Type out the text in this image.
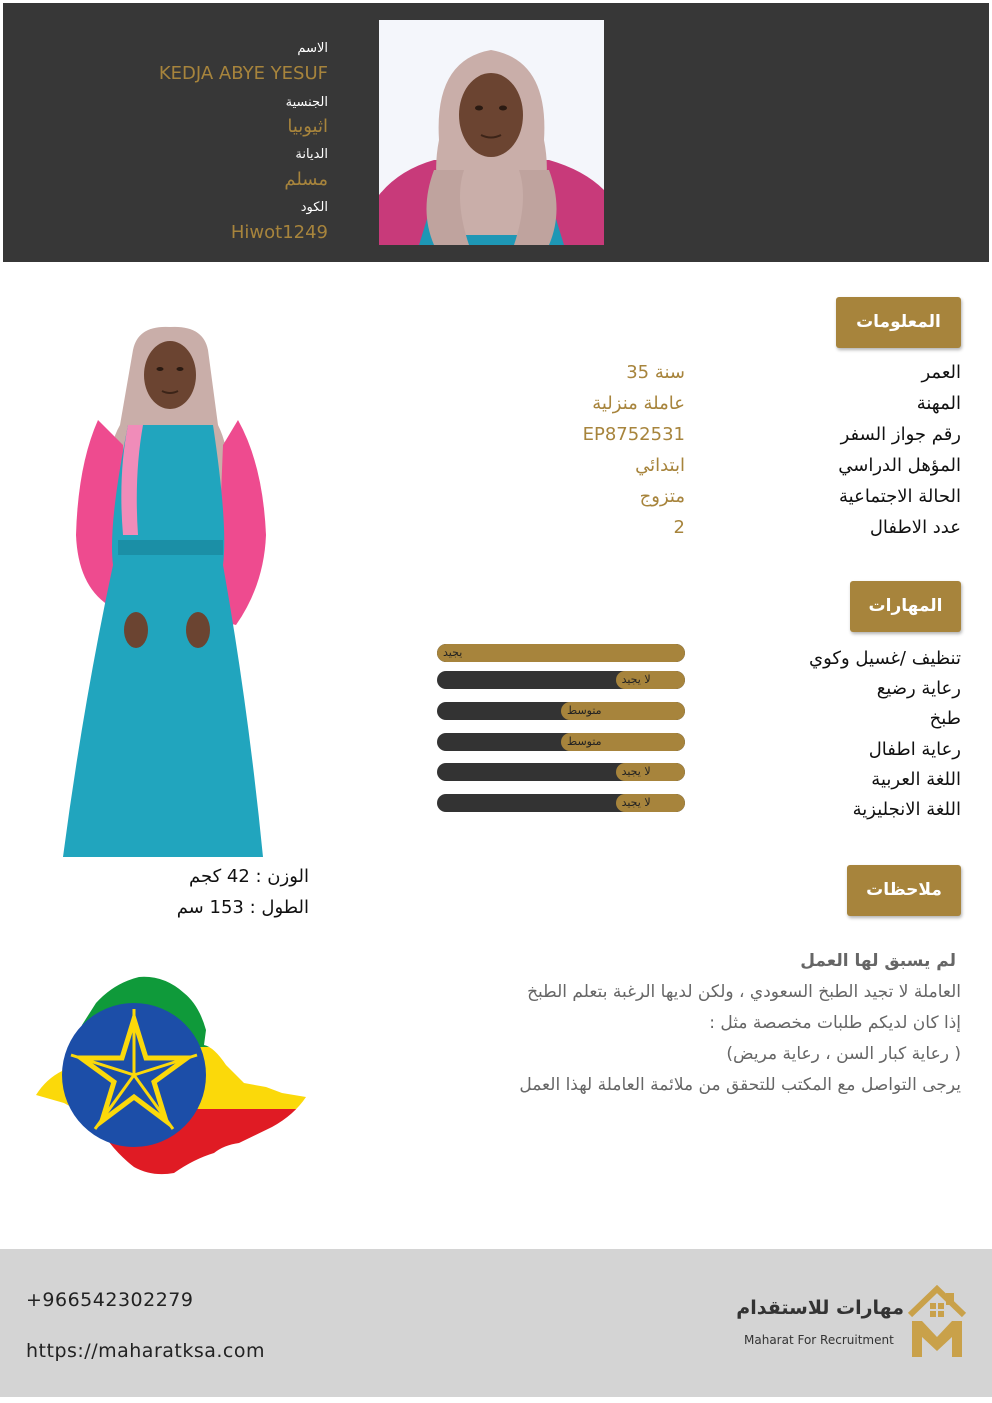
الاسم
KEDJA ABYE YESUF
الجنسية
اثيوبيا
الديانة
مسلم
الكود
Hiwot1249
المعلومات
العمر
35 سنة
المهنة
عاملة منزلية
رقم جواز السفر
EP8752531
المؤهل الدراسي
ابتدائي
الحالة الاجتماعية
متزوج
عدد الاطفال
2
المهارات
تنظيف /غسيل وكوي
يجيد
رعاية رضيع
لا يجيد
طبخ
متوسط
رعاية اطفال
متوسط
اللغة العربية
لا يجيد
اللغة الانجليزية
لا يجيد
الوزن : 42 كجم
الطول : 153 سم
ملاحظات
لم يسبق لها العمل
العاملة لا تجيد الطبخ السعودي ، ولكن لديها الرغبة بتعلم الطبخ
إذا كان لديكم طلبات مخصصة مثل :
( رعاية كبار السن ، رعاية مريض)
يرجى التواصل مع المكتب للتحقق من ملائمة العاملة لهذا العمل
+966542302279
https://maharatksa.com
مهارات للاستقدام
Maharat For Recruitment
